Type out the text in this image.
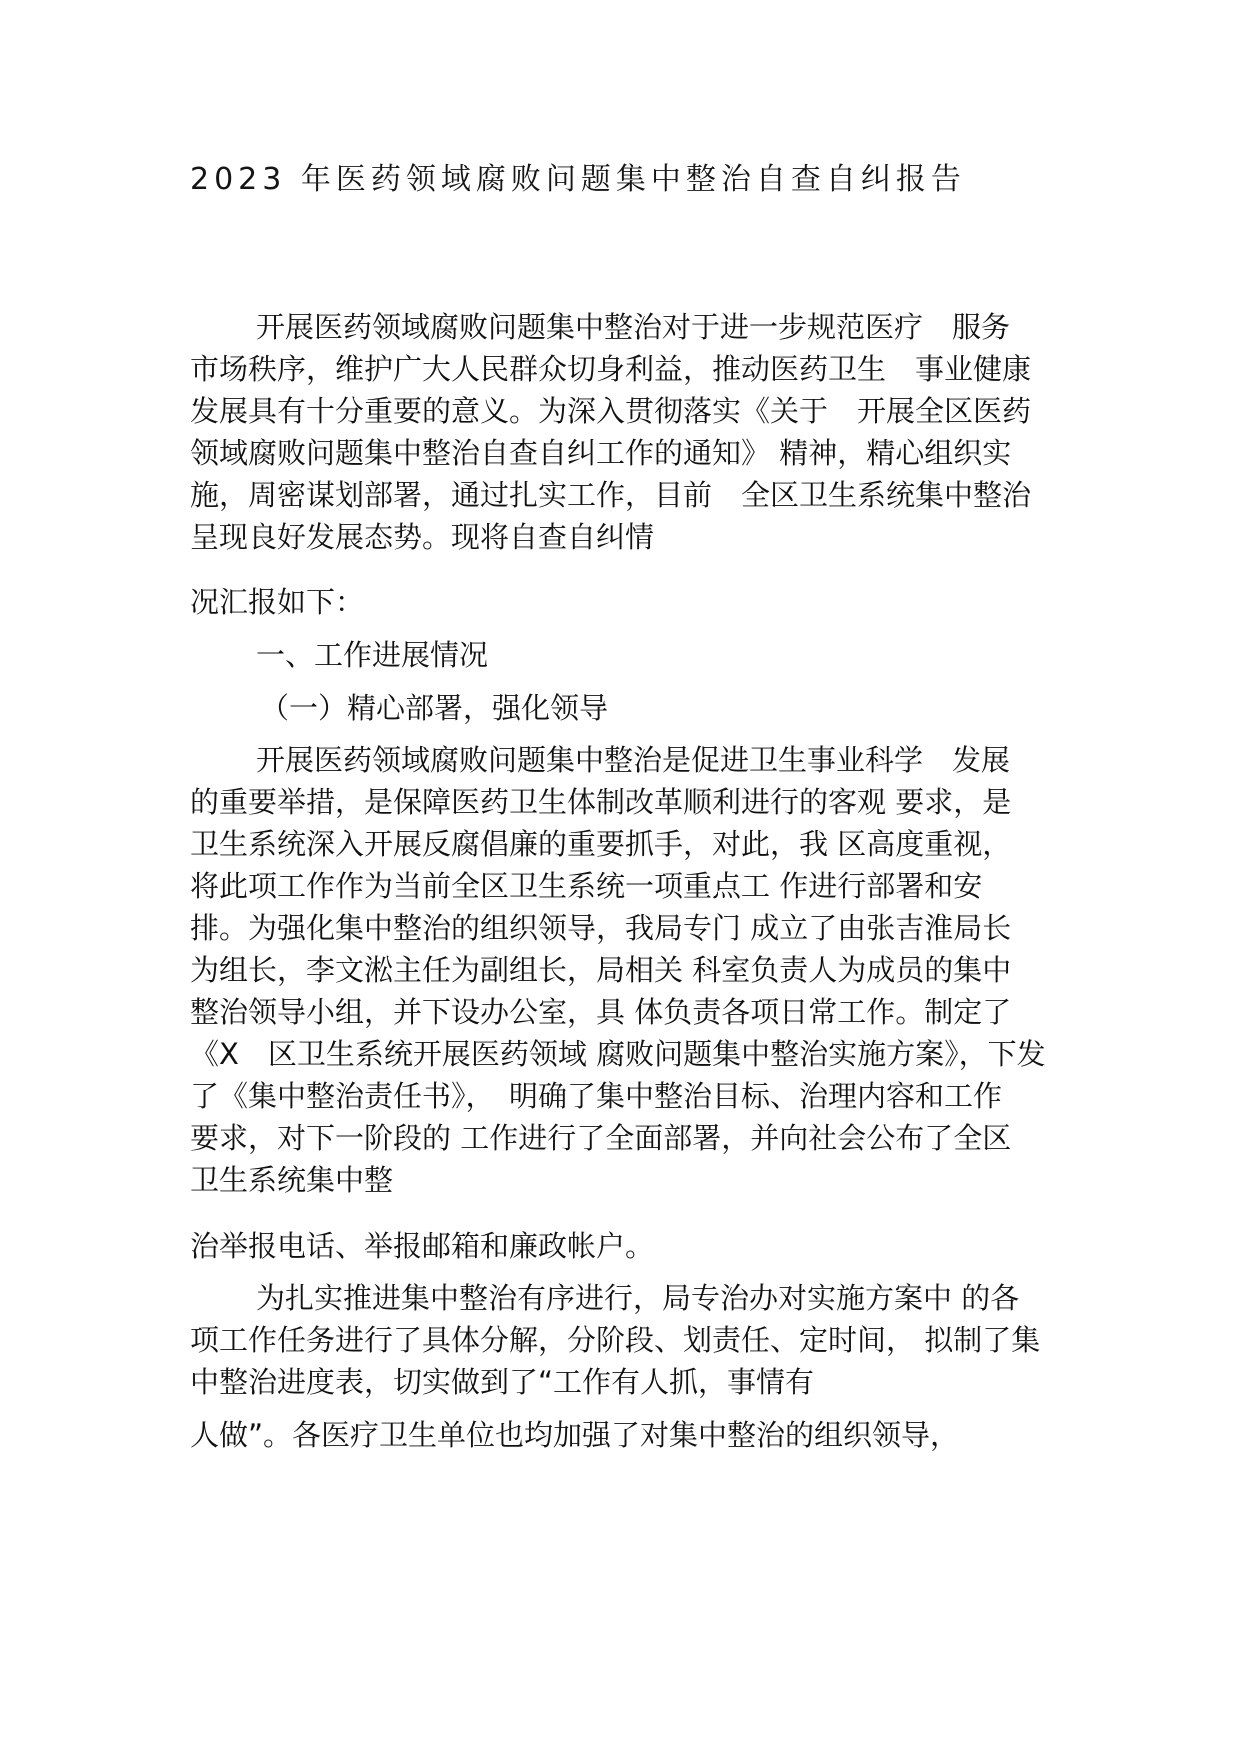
2023 年医药领域腐败问题集中整治自查自纠报告
开展医药领域腐败问题集中整治对于进一步规范医疗　服务
市场秩序，维护广大人民群众切身利益，推动医药卫生　事业健康
发展具有十分重要的意义。为深入贯彻落实《关于　开展全区医药
领域腐败问题集中整治自查自纠工作的通知》 精神，精心组织实
施，周密谋划部署，通过扎实工作，目前　全区卫生系统集中整治
呈现良好发展态势。现将自查自纠情
况汇报如下：
一、工作进展情况
（一）精心部署，强化领导
开展医药领域腐败问题集中整治是促进卫生事业科学　发展
的重要举措，是保障医药卫生体制改革顺利进行的客观 要求，是
卫生系统深入开展反腐倡廉的重要抓手，对此，我 区高度重视，
将此项工作作为当前全区卫生系统一项重点工 作进行部署和安
排。为强化集中整治的组织领导，我局专门 成立了由张吉淮局长
为组长，李文淞主任为副组长，局相关 科室负责人为成员的集中
整治领导小组，并下设办公室，具 体负责各项日常工作。制定了
《X　区卫生系统开展医药领域 腐败问题集中整治实施方案》，下发
了《集中整治责任书》，　明确了集中整治目标、治理内容和工作
要求，对下一阶段的 工作进行了全面部署，并向社会公布了全区
卫生系统集中整
治举报电话、举报邮箱和廉政帐户。
为扎实推进集中整治有序进行，局专治办对实施方案中 的各
项工作任务进行了具体分解，分阶段、划责任、定时间， 拟制了集
中整治进度表，切实做到了“工作有人抓，事情有
人做”。各医疗卫生单位也均加强了对集中整治的组织领导，
